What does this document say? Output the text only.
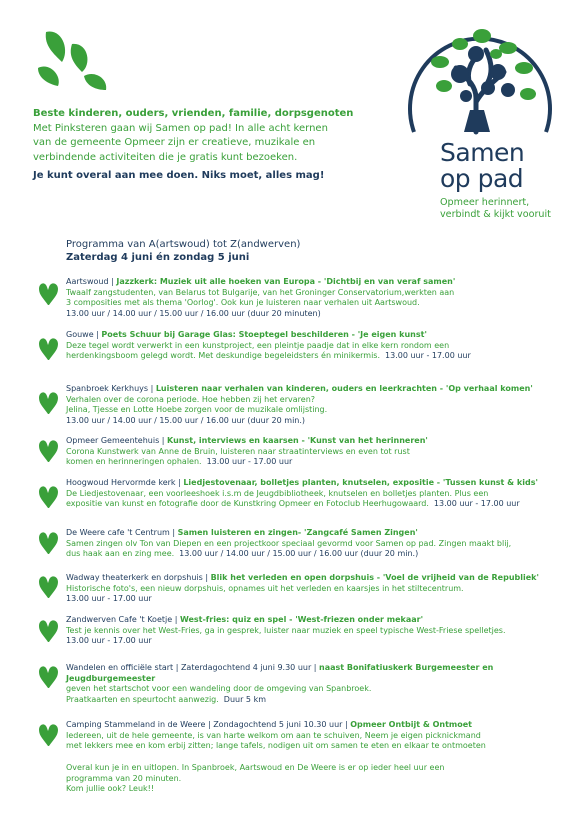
Samen
op pad
Opmeer herinnert,
verbindt & kijkt vooruit
Beste kinderen, ouders, vrienden, familie, dorpsgenoten
Met Pinksteren gaan wij Samen op pad! In alle acht kernen
van de gemeente Opmeer zijn er creatieve, muzikale en
verbindende activiteiten die je gratis kunt bezoeken.
Je kunt overal aan mee doen. Niks moet, alles mag!
Programma van A(artswoud) tot Z(andwerven)
Zaterdag 4 juni én zondag 5 juni
Aartswoud | Jazzkerk: Muziek uit alle hoeken van Europa - 'Dichtbij en van veraf samen'
Twaalf zangstudenten, van Belarus tot Bulgarije, van het Groninger Conservatorium,werkten aan
3 composities met als thema 'Oorlog'. Ook kun je luisteren naar verhalen uit Aartswoud.
13.00 uur / 14.00 uur / 15.00 uur / 16.00 uur (duur 20 minuten)
Gouwe | Poets Schuur bij Garage Glas: Stoeptegel beschilderen - 'Je eigen kunst'
Deze tegel wordt verwerkt in een kunstproject, een pleintje paadje dat in elke kern rondom een
herdenkingsboom gelegd wordt. Met deskundige begeleidsters én minikermis. 13.00 uur - 17.00 uur
Spanbroek Kerkhuys | Luisteren naar verhalen van kinderen, ouders en leerkrachten - 'Op verhaal komen'
Verhalen over de corona periode. Hoe hebben zij het ervaren?
Jelina, Tjesse en Lotte Hoebe zorgen voor de muzikale omlijsting.
13.00 uur / 14.00 uur / 15.00 uur / 16.00 uur (duur 20 min.)
Opmeer Gemeentehuis | Kunst, interviews en kaarsen - 'Kunst van het herinneren'
Corona Kunstwerk van Anne de Bruin, luisteren naar straatinterviews en even tot rust
komen en herinneringen ophalen. 13.00 uur - 17.00 uur
Hoogwoud Hervormde kerk | Liedjestovenaar, bolletjes planten, knutselen, expositie - 'Tussen kunst & kids'
De Liedjestovenaar, een voorleeshoek i.s.m de Jeugdbibliotheek, knutselen en bolletjes planten. Plus een
expositie van kunst en fotografie door de Kunstkring Opmeer en Fotoclub Heerhugowaard. 13.00 uur - 17.00 uur
De Weere cafe 't Centrum | Samen luisteren en zingen- 'Zangcafé Samen Zingen'
Samen zingen olv Ton van Diepen en een projectkoor speciaal gevormd voor Samen op pad. Zingen maakt blij,
dus haak aan en zing mee. 13.00 uur / 14.00 uur / 15.00 uur / 16.00 uur (duur 20 min.)
Wadway theaterkerk en dorpshuis | Blik het verleden en open dorpshuis - 'Voel de vrijheid van de Republiek'
Historische foto's, een nieuw dorpshuis, opnames uit het verleden en kaarsjes in het stiltecentrum.
13.00 uur - 17.00 uur
Zandwerven Cafe 't Koetje | West-fries: quiz en spel - 'West-friezen onder mekaar'
Test je kennis over het West-Fries, ga in gesprek, luister naar muziek en speel typische West-Friese spelletjes.
13.00 uur - 17.00 uur
Wandelen en officiële start | Zaterdagochtend 4 juni 9.30 uur | naast Bonifatiuskerk Burgemeester en Jeugdburgemeester
geven het startschot voor een wandeling door de omgeving van Spanbroek.
Praatkaarten en speurtocht aanwezig. Duur 5 km
Camping Stammeland in de Weere | Zondagochtend 5 juni 10.30 uur | Opmeer Ontbijt & Ontmoet
Iedereen, uit de hele gemeente, is van harte welkom om aan te schuiven, Neem je eigen picknickmand
met lekkers mee en kom erbij zitten; lange tafels, nodigen uit om samen te eten en elkaar te ontmoeten
Overal kun je in en uitlopen. In Spanbroek, Aartswoud en De Weere is er op ieder heel uur een
programma van 20 minuten.
Kom jullie ook? Leuk!!
